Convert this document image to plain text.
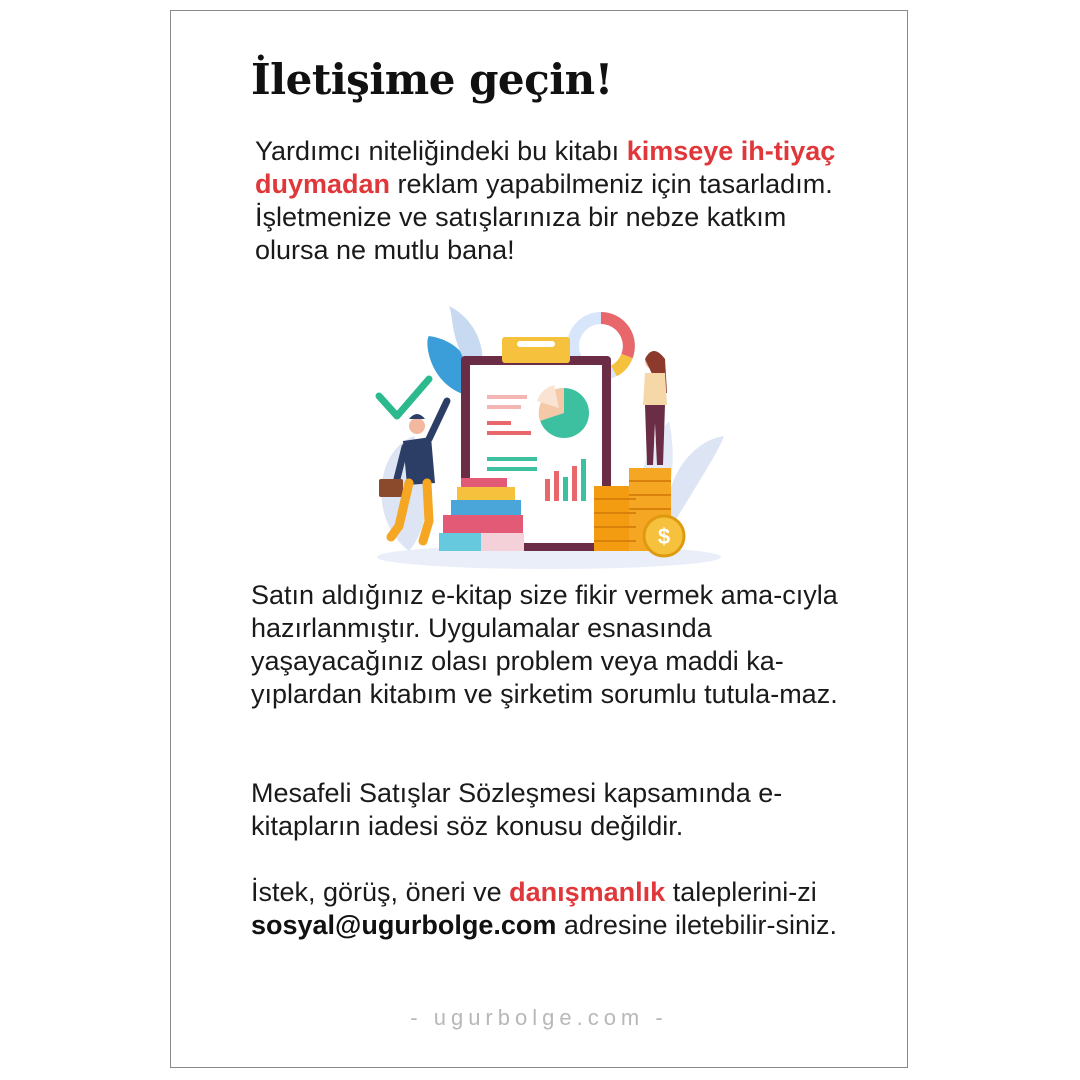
İletişime geçin!

Yardımcı niteliğindeki bu kitabı kimseye ih-tiyaç duymadan reklam yapabilmeniz için tasarladım. İşletmenize ve satışlarınıza bir nebze katkım olursa ne mutlu bana!

$

Satın aldığınız e-kitap size fikir vermek ama-cıyla hazırlanmıştır. Uygulamalar esnasında yaşayacağınız olası problem veya maddi ka-yıplardan kitabım ve şirketim sorumlu tutula-maz.

Mesafeli Satışlar Sözleşmesi kapsamında e-kitapların iadesi söz konusu değildir.

İstek, görüş, öneri ve danışmanlık taleplerini-zi sosyal@ugurbolge.com adresine iletebilir-siniz.

- ugurbolge.com -
